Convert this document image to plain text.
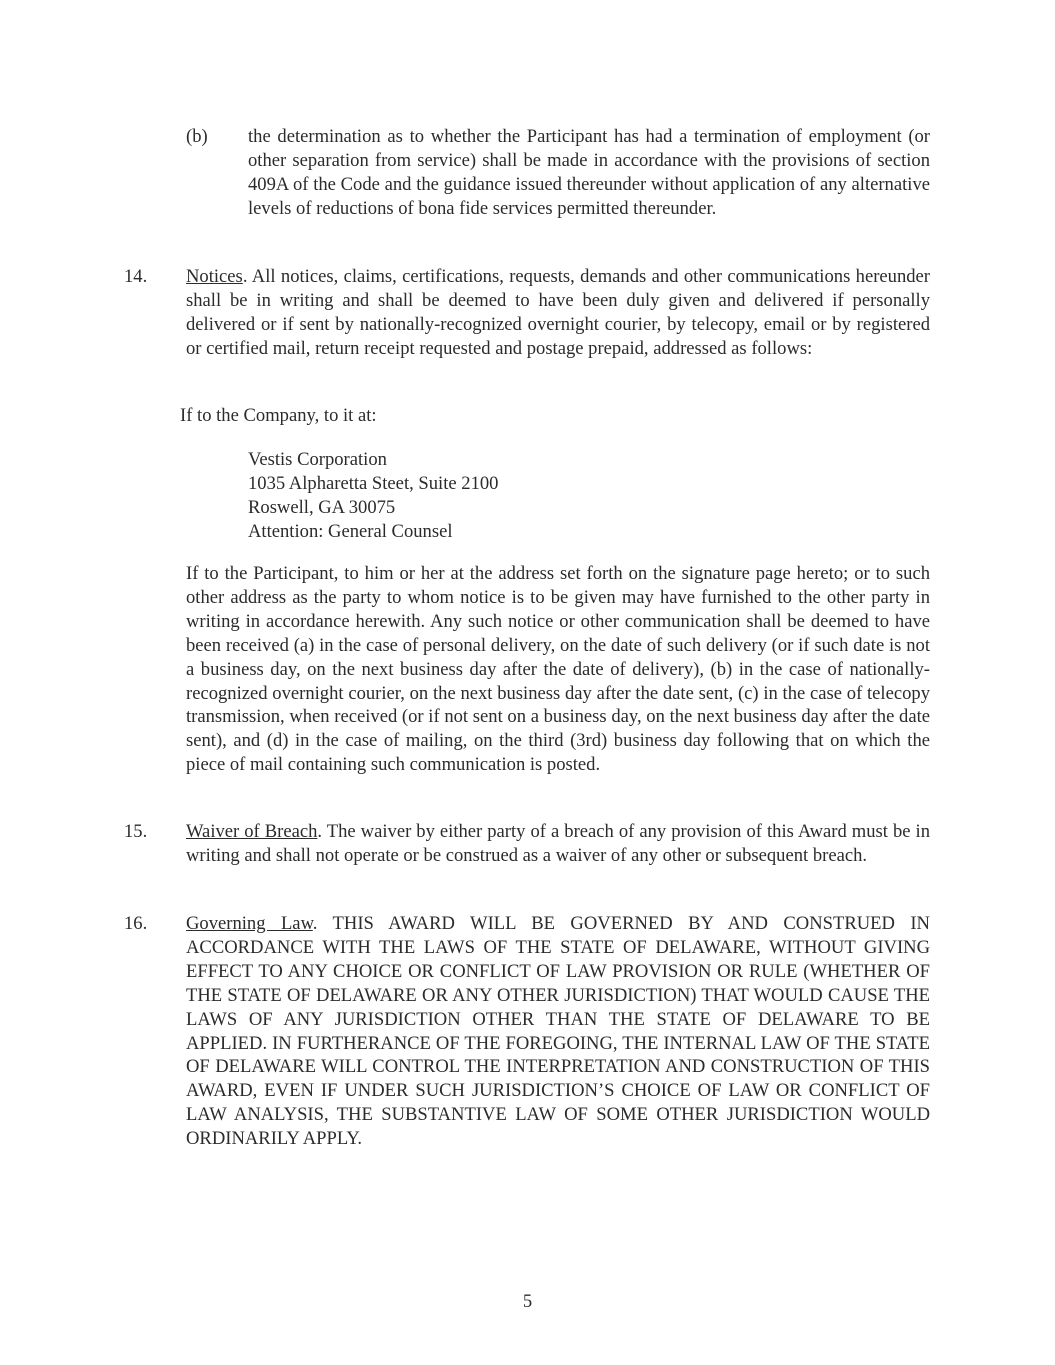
(b) the determination as to whether the Participant has had a termination of employment (or other separation from service) shall be made in accordance with the provisions of section 409A of the Code and the guidance issued thereunder without application of any alternative levels of reductions of bona fide services permitted thereunder.

14. Notices. All notices, claims, certifications, requests, demands and other communications hereunder shall be in writing and shall be deemed to have been duly given and delivered if personally delivered or if sent by nationally-recognized overnight courier, by telecopy, email or by registered or certified mail, return receipt requested and postage prepaid, addressed as follows:

If to the Company, to it at:

Vestis Corporation
1035 Alpharetta Steet, Suite 2100
Roswell, GA 30075
Attention: General Counsel

If to the Participant, to him or her at the address set forth on the signature page hereto; or to such other address as the party to whom notice is to be given may have furnished to the other party in writing in accordance herewith. Any such notice or other communication shall be deemed to have been received (a) in the case of personal delivery, on the date of such delivery (or if such date is not a business day, on the next business day after the date of delivery), (b) in the case of nationally-recognized overnight courier, on the next business day after the date sent, (c) in the case of telecopy transmission, when received (or if not sent on a business day, on the next business day after the date sent), and (d) in the case of mailing, on the third (3rd) business day following that on which the piece of mail containing such communication is posted.

15. Waiver of Breach. The waiver by either party of a breach of any provision of this Award must be in writing and shall not operate or be construed as a waiver of any other or subsequent breach.

16. Governing Law. THIS AWARD WILL BE GOVERNED BY AND CONSTRUED IN ACCORDANCE WITH THE LAWS OF THE STATE OF DELAWARE, WITHOUT GIVING EFFECT TO ANY CHOICE OR CONFLICT OF LAW PROVISION OR RULE (WHETHER OF THE STATE OF DELAWARE OR ANY OTHER JURISDICTION) THAT WOULD CAUSE THE LAWS OF ANY JURISDICTION OTHER THAN THE STATE OF DELAWARE TO BE APPLIED. IN FURTHERANCE OF THE FOREGOING, THE INTERNAL LAW OF THE STATE OF DELAWARE WILL CONTROL THE INTERPRETATION AND CONSTRUCTION OF THIS AWARD, EVEN IF UNDER SUCH JURISDICTION’S CHOICE OF LAW OR CONFLICT OF LAW ANALYSIS, THE SUBSTANTIVE LAW OF SOME OTHER JURISDICTION WOULD ORDINARILY APPLY.

5
